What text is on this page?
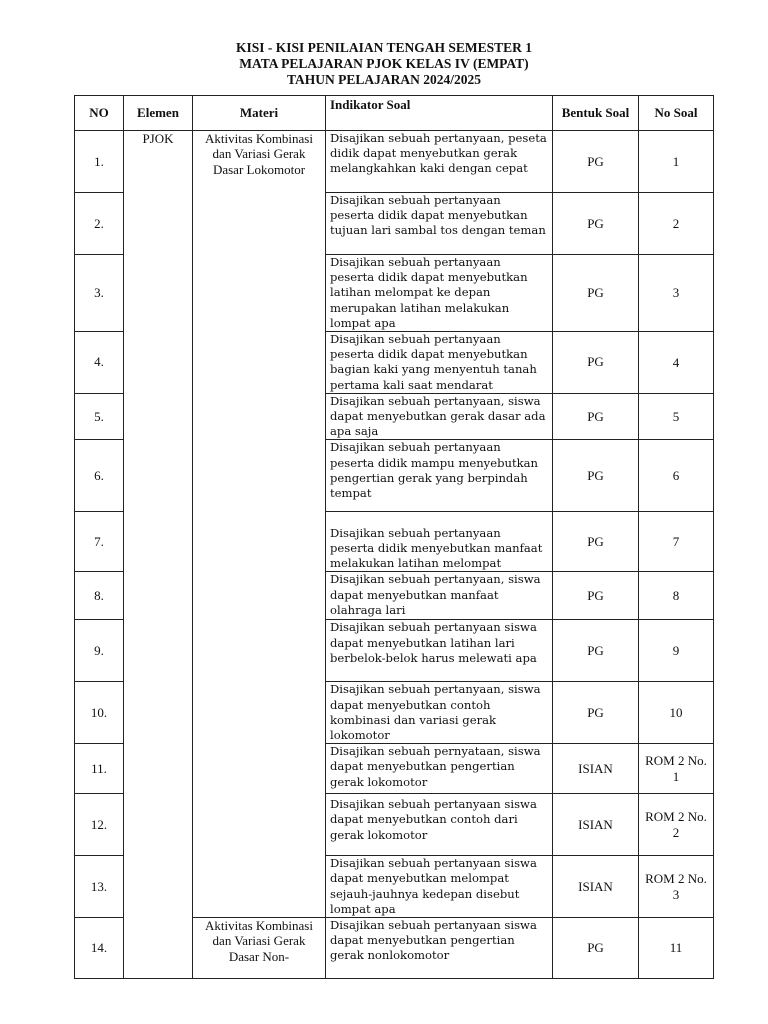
KISI - KISI PENILAIAN TENGAH SEMESTER 1
MATA PELAJARAN PJOK KELAS IV (EMPAT)
TAHUN PELAJARAN 2024/2025
NO	Elemen	Materi	Indikator Soal	Bentuk Soal	No Soal
1.	PJOK	Aktivitas Kombinasi dan Variasi Gerak Dasar Lokomotor	Disajikan sebuah pertanyaan, peseta didik dapat menyebutkan gerak melangkahkan kaki dengan cepat	PG	1
2.			Disajikan sebuah pertanyaan peserta didik dapat menyebutkan tujuan lari sambal tos dengan teman	PG	2
3.			Disajikan sebuah pertanyaan peserta didik dapat menyebutkan latihan melompat ke depan merupakan latihan melakukan lompat apa	PG	3
4.			Disajikan sebuah pertanyaan peserta didik dapat menyebutkan bagian kaki yang menyentuh tanah pertama kali saat mendarat	PG	4
5.			Disajikan sebuah pertanyaan, siswa dapat menyebutkan gerak dasar ada apa saja	PG	5
6.			Disajikan sebuah pertanyaan peserta didik mampu menyebutkan pengertian gerak yang berpindah tempat	PG	6
7.			Disajikan sebuah pertanyaan peserta didik menyebutkan manfaat melakukan latihan melompat	PG	7
8.			Disajikan sebuah pertanyaan, siswa dapat menyebutkan manfaat olahraga lari	PG	8
9.			Disajikan sebuah pertanyaan siswa dapat menyebutkan latihan lari berbelok-belok harus melewati apa	PG	9
10.			Disajikan sebuah pertanyaan, siswa dapat menyebutkan contoh kombinasi dan variasi gerak lokomotor	PG	10
11.			Disajikan sebuah pernyataan, siswa dapat menyebutkan pengertian gerak lokomotor	ISIAN	ROM 2 No. 1
12.			Disajikan sebuah pertanyaan siswa dapat menyebutkan contoh dari gerak lokomotor	ISIAN	ROM 2 No. 2
13.			Disajikan sebuah pertanyaan siswa dapat menyebutkan melompat sejauh-jauhnya kedepan disebut lompat apa	ISIAN	ROM 2 No. 3
14.		Aktivitas Kombinasi dan Variasi Gerak Dasar Non-	Disajikan sebuah pertanyaan siswa dapat menyebutkan pengertian gerak nonlokomotor	PG	11
